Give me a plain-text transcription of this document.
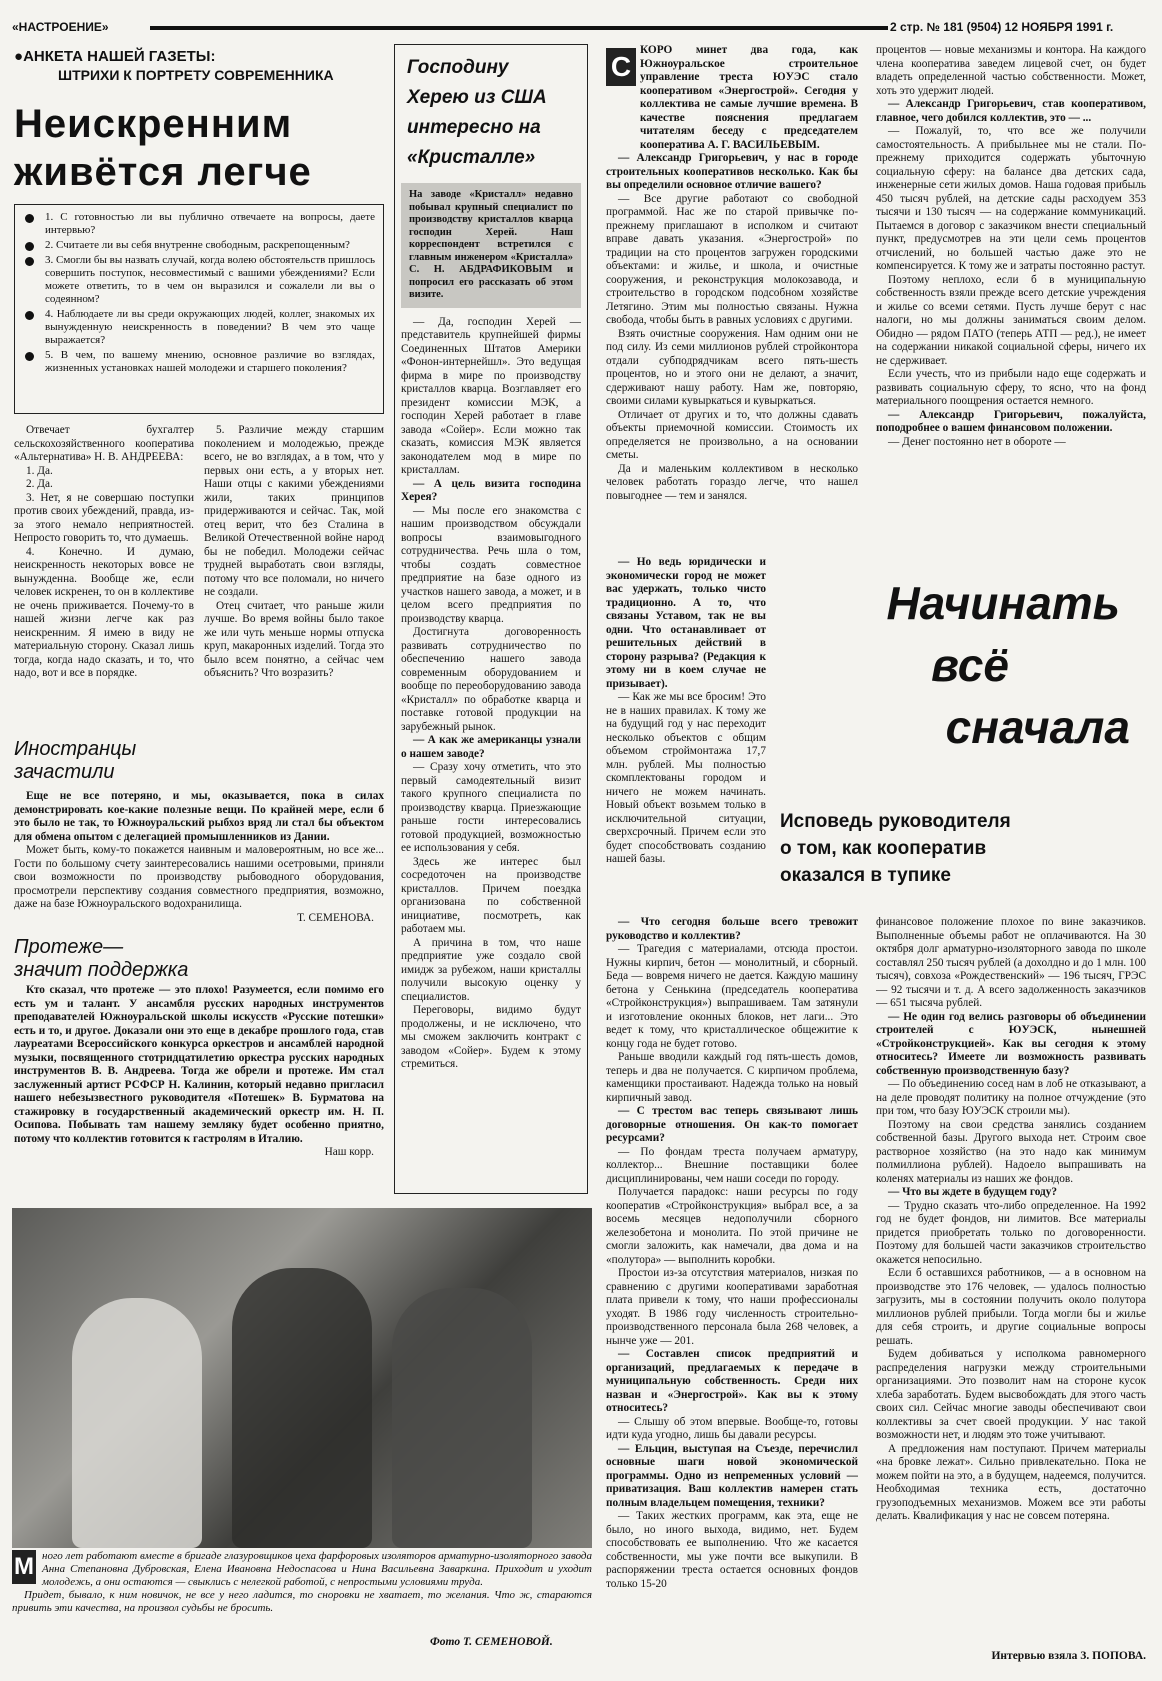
«НАСТРОЕНИЕ»	2 стр. № 181 (9504) 12 НОЯБРЯ 1991 г.
●АНКЕТА НАШЕЙ ГАЗЕТЫ:
ШТРИХИ К ПОРТРЕТУ СОВРЕМЕННИКА
Неискренним живётся легче
1. С готовностью ли вы публично отвечаете на вопросы, даете интервью?
2. Считаете ли вы себя внутренне свободным, раскрепощенным?
3. Смогли бы вы назвать случай, когда волею обстоятельств пришлось совершить поступок, несовместимый с вашими убеждениями? Если можете ответить, то в чем он выразился и сожалели ли вы о содеянном?
4. Наблюдаете ли вы среди окружающих людей, коллег, знакомых их вынужденную неискренность в поведении? В чем это чаще выражается?
5. В чем, по вашему мнению, основное различие во взглядах, жизненных установках нашей молодежи и старшего поколения?

Отвечает бухгалтер сельскохозяйственного кооператива «Альтернатива» Н. В. АНДРЕЕВА:

1. Да.

2. Да.

3. Нет, я не совершаю поступки против своих убеждений, правда, из-за этого немало неприятностей. Непросто говорить то, что думаешь.

4. Конечно. И думаю, неискренность некоторых вовсе не вынужденна. Вообще же, если человек искренен, то он в коллективе не очень приживается. Почему-то в нашей жизни легче как раз неискренним. Я имею в виду не материальную сторону. Сказал лишь тогда, когда надо сказать, и то, что надо, вот и все в порядке.

5. Различие между старшим поколением и молодежью, прежде всего, не во взглядах, а в том, что у первых они есть, а у вторых нет. Наши отцы с какими убеждениями жили, таких принципов придерживаются и сейчас. Так, мой отец верит, что без Сталина в Великой Отечественной войне народ бы не победил. Молодежи сейчас трудней выработать свои взгляды, потому что все поломали, но ничего не создали.

Отец считает, что раньше жили лучше. Во время войны было такое же или чуть меньше нормы отпуска круп, макаронных изделий. Тогда это было всем понятно, а сейчас чем объяснить? Что возразить?

Иностранцы
зачастили

Еще не все потеряно, и мы, оказывается, пока в силах демонстрировать кое-какие полезные вещи. По крайней мере, если б это было не так, то Южноуральский рыбхоз вряд ли стал бы объектом для обмена опытом с делегацией промышленников из Дании.

Может быть, кому-то покажется наивным и маловероятным, но все же... Гости по большому счету заинтересовались нашими осетровыми, приняли свои возможности по производству рыбоводного оборудования, просмотрели перспективу создания совместного предприятия, возможно, даже на базе Южноуральского водохранилища.

Т. СЕМЕНОВА.
Протеже—
значит поддержка

Кто сказал, что протеже — это плохо! Разумеется, если помимо его есть ум и талант. У ансамбля русских народных инструментов преподавателей Южноуральской школы искусств «Русские потешки» есть и то, и другое. Доказали они это еще в декабре прошлого года, став лауреатами Всероссийского конкурса оркестров и ансамблей народной музыки, посвященного стотридцатилетию оркестра русских народных инструментов В. В. Андреева. Тогда же обрели и протеже. Им стал заслуженный артист РСФСР Н. Калинин, который недавно пригласил нашего небезызвестного руководителя «Потешек» В. Бурматова на стажировку в государственный академический оркестр им. Н. П. Осипова. Побывать там нашему земляку будет особенно приятно, потому что коллектив готовится к гастролям в Италию.

Наш корр.
Господину Херею из США интересно на «Кристалле»
На заводе «Кристалл» недавно побывал крупный специалист по производству кристаллов кварца господин Херей. Наш корреспондент встретился с главным инженером «Кристалла» С. Н. АБДРАФИКОВЫМ и попросил его рассказать об этом визите.

— Да, господин Херей — представитель крупнейшей фирмы Соединенных Штатов Америки «Фонон-интернейшл». Это ведущая фирма в мире по производству кристаллов кварца. Возглавляет его президент комиссии МЭК, а господин Херей работает в главе завода «Сойер». Если можно так сказать, комиссия МЭК является законодателем мод в мире по кристаллам.

— А цель визита господина Херея?

— Мы после его знакомства с нашим производством обсуждали вопросы взаимовыгодного сотрудничества. Речь шла о том, чтобы создать совместное предприятие на базе одного из участков нашего завода, а может, и в целом всего предприятия по производству кварца.

Достигнута договоренность развивать сотрудничество по обеспечению нашего завода современным оборудованием и вообще по переоборудованию завода «Кристалл» по обработке кварца и поставке готовой продукции на зарубежный рынок.

— А как же американцы узнали о нашем заводе?

— Сразу хочу отметить, что это первый самодеятельный визит такого крупного специалиста по производству кварца. Приезжающие раньше гости интересовались готовой продукцией, возможностью ее использования у себя.

Здесь же интерес был сосредоточен на производстве кристаллов. Причем поездка организована по собственной инициативе, посмотреть, как работаем мы.

А причина в том, что наше предприятие уже создало свой имидж за рубежом, наши кристаллы получили высокую оценку у специалистов.

Переговоры, видимо будут продолжены, и не исключено, что мы сможем заключить контракт с заводом «Сойер». Будем к этому стремиться.

С

КОРО минет два года, как Южноуральское строительное управление треста ЮУЭС стало кооперативом «Энергострой». Сегодня у коллектива не самые лучшие времена. В качестве пояснения предлагаем читателям беседу с председателем кооператива А. Г. ВАСИЛЬЕВЫМ.

— Александр Григорьевич, у нас в городе строительных кооперативов несколько. Как бы вы определили основное отличие вашего?

— Все другие работают со свободной программой. Нас же по старой привычке по-прежнему приглашают в исполком и считают вправе давать указания. «Энергострой» по традиции на сто процентов загружен городскими объектами: и жилье, и школа, и очистные сооружения, и реконструкция молокозавода, и строительство в городском подсобном хозяйстве Летягино. Этим мы полностью связаны. Нужна свобода, чтобы быть в равных условиях с другими.

Взять очистные сооружения. Нам одним они не под силу. Из семи миллионов рублей стройконтора отдали субподрядчикам всего пять-шесть процентов, но и этого они не делают, а значит, сдерживают нашу работу. Нам же, повторяю, своими силами кувыркаться и кувыркаться.

Отличает от других и то, что должны сдавать объекты приемочной комиссии. Стоимость их определяется не произвольно, а на основании сметы.

Да и маленьким коллективом в несколько человек работать гораздо легче, что нашел повыгоднее — тем и занялся.

— Но ведь юридически и экономически город не может вас удержать, только чисто традиционно. А то, что связаны Уставом, так не вы одни. Что останавливает от решительных действий в сторону разрыва? (Редакция к этому ни в коем случае не призывает).

— Как же мы все бросим! Это не в наших правилах. К тому же на будущий год у нас переходит несколько объектов с общим объемом строймонтажа 17,7 млн. рублей. Мы полностью скомплектованы городом и ничего не можем начинать. Новый объект возьмем только в исключительной ситуации, сверхсрочный. Причем если это будет способствовать созданию нашей базы.

— Что сегодня больше всего тревожит руководство и коллектив?

— Трагедия с материалами, отсюда простои. Нужны кирпич, бетон — монолитный, и сборный. Беда — вовремя ничего не дается. Каждую машину бетона у Сенькина (председатель кооператива «Стройконструкция») выпрашиваем. Там затянули и изготовление оконных блоков, нет лаги... Это ведет к тому, что кристаллическое общежитие к концу года не будет готово.

Раньше вводили каждый год пять-шесть домов, теперь и два не получается. С кирпичом проблема, каменщики простаивают. Надежда только на новый кирпичный завод.

— С трестом вас теперь связывают лишь договорные отношения. Он как-то помогает ресурсами?

— По фондам треста получаем арматуру, коллектор... Внешние поставщики более дисциплинированы, чем наши соседи по городу.

Получается парадокс: наши ресурсы по году кооператив «Стройконструкция» выбрал все, а за восемь месяцев недополучили сборного железобетона и монолита. По этой причине не смогли заложить, как намечали, два дома и на «полутора» — выполнить коробки.

Простои из-за отсутствия материалов, низкая по сравнению с другими кооперативами заработная плата привели к тому, что наши профессионалы уходят. В 1986 году численность строительно-производственного персонала была 268 человек, а нынче уже — 201.

— Составлен список предприятий и организаций, предлагаемых к передаче в муниципальную собственность. Среди них назван и «Энергострой». Как вы к этому относитесь?

— Слышу об этом впервые. Вообще-то, готовы идти куда угодно, лишь бы давали ресурсы.

— Ельцин, выступая на Съезде, перечислил основные шаги новой экономической программы. Одно из непременных условий — приватизация. Ваш коллектив намерен стать полным владельцем помещения, техники?

— Таких жестких программ, как эта, еще не было, но иного выхода, видимо, нет. Будем способствовать ее выполнению. Что же касается собственности, мы уже почти все выкупили. В распоряжении треста остается основных фондов только 15-20

процентов — новые механизмы и контора. На каждого члена кооператива заведем лицевой счет, он будет владеть определенной частью собственности. Может, хоть это удержит людей.

— Александр Григорьевич, став кооперативом, главное, чего добился коллектив, это — ...

— Пожалуй, то, что все же получили самостоятельность. А прибыльнее мы не стали. По-прежнему приходится содержать убыточную социальную сферу: на балансе два детских сада, инженерные сети жилых домов. Наша годовая прибыль 450 тысяч рублей, на детские сады расходуем 353 тысячи и 130 тысяч — на содержание коммуникаций. Пытаемся в договор с заказчиком внести специальный пункт, предусмотрев на эти цели семь процентов отчислений, но большей частью даже это не компенсируется. К тому же и затраты постоянно растут.

Поэтому неплохо, если б в муниципальную собственность взяли прежде всего детские учреждения и жилье со всеми сетями. Пусть лучше берут с нас налоги, но мы должны заниматься своим делом. Обидно — рядом ПАТО (теперь АТП — ред.), не имеет на содержании никакой социальной сферы, ничего их не сдерживает.

Если учесть, что из прибыли надо еще содержать и развивать социальную сферу, то ясно, что на фонд материального поощрения остается немного.

— Александр Григорьевич, пожалуйста, поподробнее о вашем финансовом положении.

— Денег постоянно нет в обороте —

Начинать
всё
сначала
Исповедь руководителя
о том, как кооператив
оказался в тупике

финансовое положение плохое по вине заказчиков. Выполненные объемы работ не оплачиваются. На 30 октября долг арматурно-изоляторного завода по школе составлял 250 тысяч рублей (а дохолдно и до 1 млн. 100 тысяч), совхоза «Рождественский» — 196 тысяч, ГРЭС — 92 тысячи и т. д. А всего задолженность заказчиков — 651 тысяча рублей.

— Не один год велись разговоры об объединении строителей с ЮУЭСК, нынешней «Стройконструкцией». Как вы сегодня к этому относитесь? Имеете ли возможность развивать собственную производственную базу?

— По объединению сосед нам в лоб не отказывают, а на деле проводят политику на полное отчуждение (это при том, что базу ЮУЭСК строили мы).

Поэтому на свои средства занялись созданием собственной базы. Другого выхода нет. Строим свое растворное хозяйство (на это надо как минимум полмиллиона рублей). Надоело выпрашивать на коленях материалы из наших же фондов.

— Что вы ждете в будущем году?

— Трудно сказать что-либо определенное. На 1992 год не будет фондов, ни лимитов. Все материалы придется приобретать только по договоренности. Поэтому для большей части заказчиков строительство окажется непосильно.

Если б оставшихся работников, — а в основном на производстве это 176 человек, — удалось полностью загрузить, мы в состоянии получить около полутора миллионов рублей прибыли. Тогда могли бы и жилье для себя строить, и другие социальные вопросы решать.

Будем добиваться у исполкома равномерного распределения нагрузки между строительными организациями. Это позволит нам на стороне кусок хлеба заработать. Будем высвобождать для этого часть своих сил. Сейчас многие заводы обеспечивают свои коллективы за счет своей продукции. У нас такой возможности нет, и людям это тоже учитывают.

А предложения нам поступают. Причем материалы «на бровке лежат». Сильно привлекательно. Пока не можем пойти на это, а в будущем, надеемся, получится. Необходимая техника есть, достаточно грузоподъемных механизмов. Можем все эти работы делать. Квалификация у нас не совсем потеряна.

Интервью взяла З. ПОПОВА.
М ного лет работают вместе в бригаде глазуровщиков цеха фарфоровых изоляторов арматурно-изоляторного завода Анна Степановна Дубровская, Елена Ивановна Недоспасова и Нина Васильевна Заваркина. Приходит и уходит молодежь, а они остаются — свыклись с нелегкой работой, с непростыми условиями труда.

Придет, бывало, к ним новичок, не все у него ладится, то сноровки не хватает, то желания. Что ж, стараются привить эти качества, на произвол судьбы не бросить.

Фото Т. СЕМЕНОВОЙ.
